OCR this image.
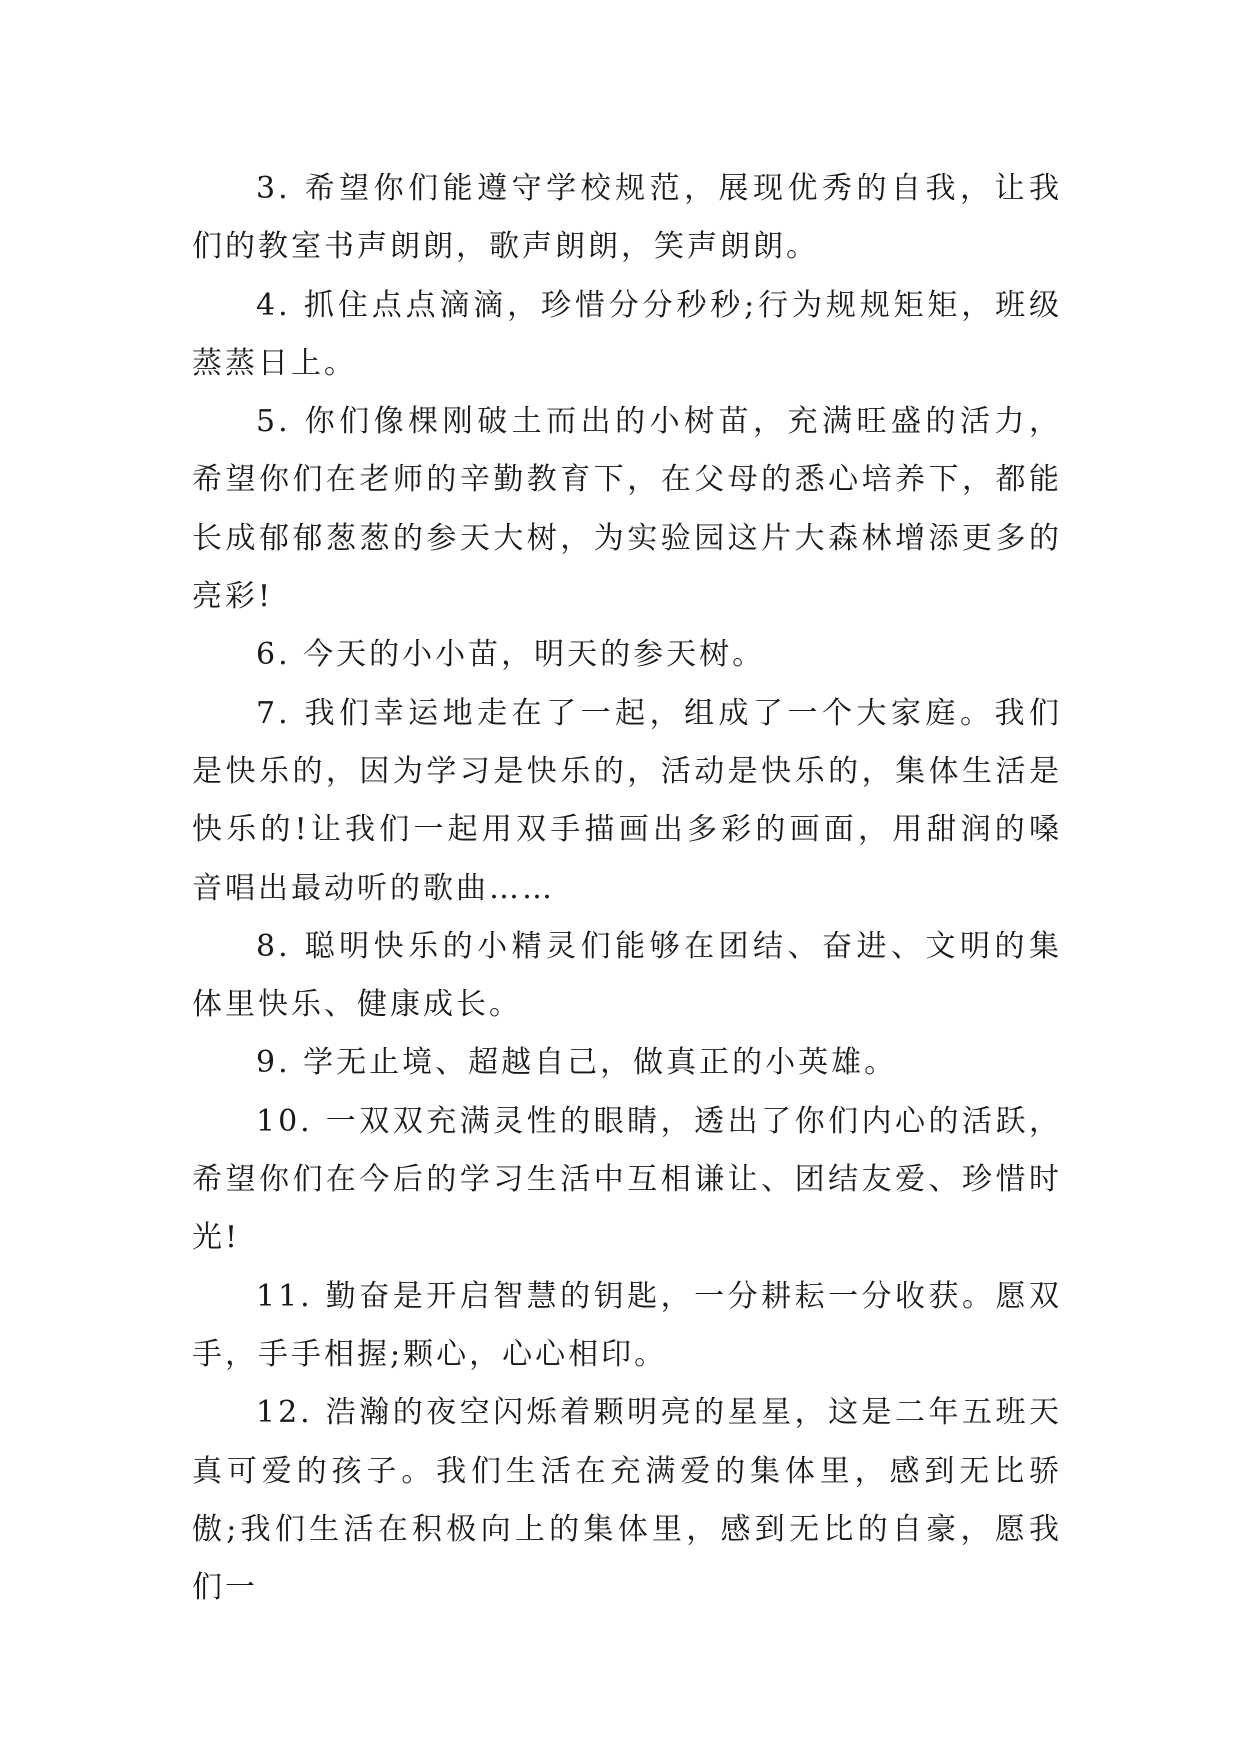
3. 希望你们能遵守学校规范，展现优秀的自我，让我们的教室书声朗朗，歌声朗朗，笑声朗朗。

4. 抓住点点滴滴，珍惜分分秒秒;行为规规矩矩，班级蒸蒸日上。

5. 你们像棵刚破土而出的小树苗，充满旺盛的活力，希望你们在老师的辛勤教育下，在父母的悉心培养下，都能长成郁郁葱葱的参天大树，为实验园这片大森林增添更多的亮彩!

6. 今天的小小苗，明天的参天树。

7. 我们幸运地走在了一起，组成了一个大家庭。我们是快乐的，因为学习是快乐的，活动是快乐的，集体生活是快乐的!让我们一起用双手描画出多彩的画面，用甜润的嗓音唱出最动听的歌曲……

8. 聪明快乐的小精灵们能够在团结、奋进、文明的集体里快乐、健康成长。

9. 学无止境、超越自己，做真正的小英雄。

10. 一双双充满灵性的眼睛，透出了你们内心的活跃，希望你们在今后的学习生活中互相谦让、团结友爱、珍惜时光!

11. 勤奋是开启智慧的钥匙，一分耕耘一分收获。愿双手，手手相握;颗心，心心相印。

12. 浩瀚的夜空闪烁着颗明亮的星星，这是二年五班天真可爱的孩子。我们生活在充满爱的集体里，感到无比骄傲;我们生活在积极向上的集体里，感到无比的自豪，愿我们一
